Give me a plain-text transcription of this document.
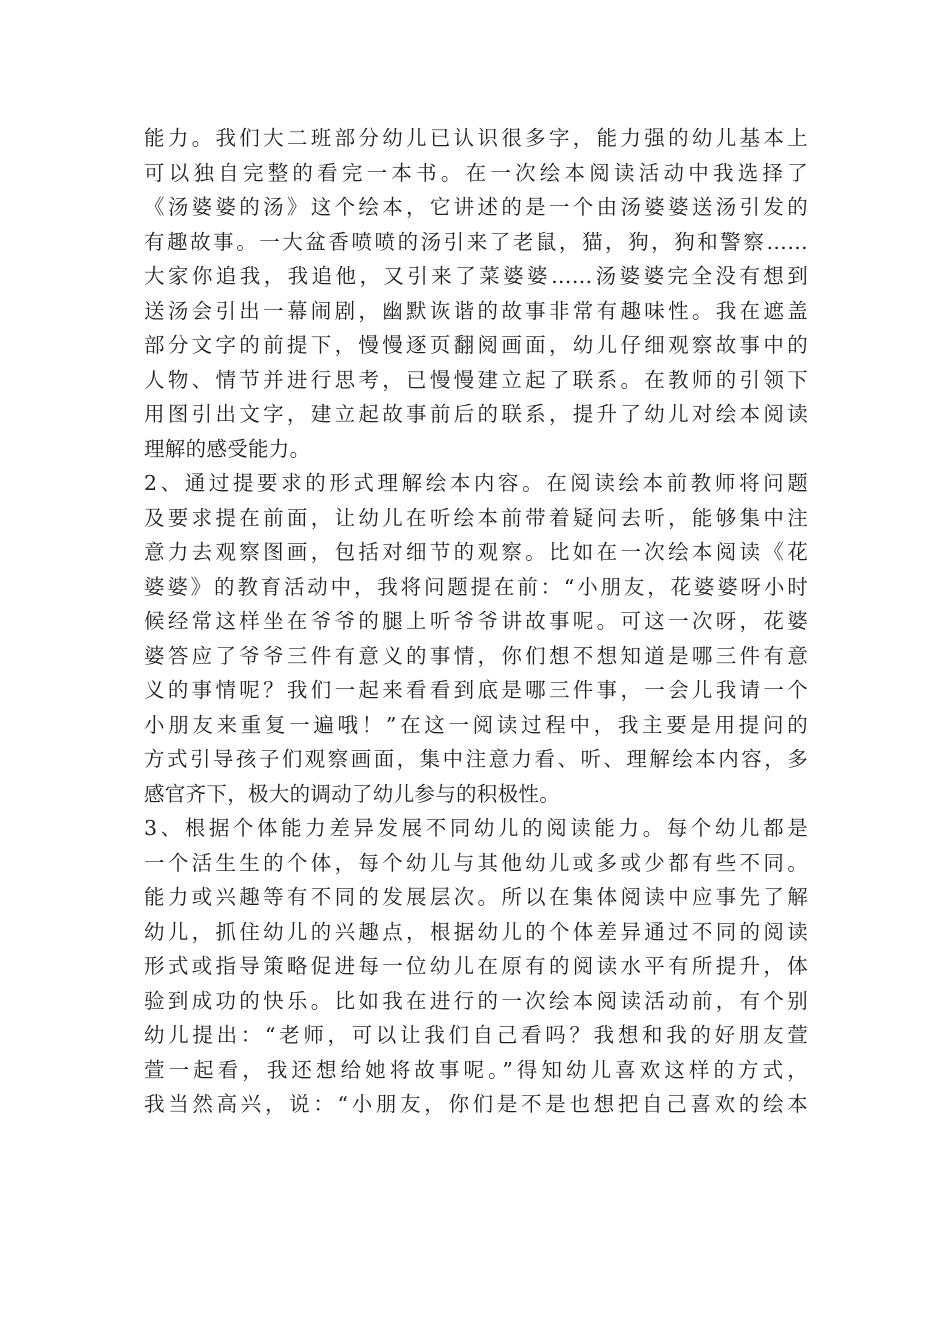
能力。我们大二班部分幼儿已认识很多字，能力强的幼儿基本上
可以独自完整的看完一本书。在一次绘本阅读活动中我选择了
《汤婆婆的汤》这个绘本，它讲述的是一个由汤婆婆送汤引发的
有趣故事。一大盆香喷喷的汤引来了老鼠，猫，狗，狗和警察……
大家你追我，我追他，又引来了菜婆婆……汤婆婆完全没有想到
送汤会引出一幕闹剧，幽默诙谐的故事非常有趣味性。我在遮盖
部分文字的前提下，慢慢逐页翻阅画面，幼儿仔细观察故事中的
人物、情节并进行思考，已慢慢建立起了联系。在教师的引领下
用图引出文字，建立起故事前后的联系，提升了幼儿对绘本阅读
理解的感受能力。
2、通过提要求的形式理解绘本内容。在阅读绘本前教师将问题
及要求提在前面，让幼儿在听绘本前带着疑问去听，能够集中注
意力去观察图画，包括对细节的观察。比如在一次绘本阅读《花
婆婆》的教育活动中，我将问题提在前：“小朋友，花婆婆呀小时
候经常这样坐在爷爷的腿上听爷爷讲故事呢。可这一次呀，花婆
婆答应了爷爷三件有意义的事情，你们想不想知道是哪三件有意
义的事情呢？我们一起来看看到底是哪三件事，一会儿我请一个
小朋友来重复一遍哦！”在这一阅读过程中，我主要是用提问的
方式引导孩子们观察画面，集中注意力看、听、理解绘本内容，多
感官齐下，极大的调动了幼儿参与的积极性。
3、根据个体能力差异发展不同幼儿的阅读能力。每个幼儿都是
一个活生生的个体，每个幼儿与其他幼儿或多或少都有些不同。
能力或兴趣等有不同的发展层次。所以在集体阅读中应事先了解
幼儿，抓住幼儿的兴趣点，根据幼儿的个体差异通过不同的阅读
形式或指导策略促进每一位幼儿在原有的阅读水平有所提升，体
验到成功的快乐。比如我在进行的一次绘本阅读活动前，有个别
幼儿提出：“老师，可以让我们自己看吗？我想和我的好朋友萱
萱一起看，我还想给她将故事呢。”得知幼儿喜欢这样的方式，
我当然高兴，说：“小朋友，你们是不是也想把自己喜欢的绘本
